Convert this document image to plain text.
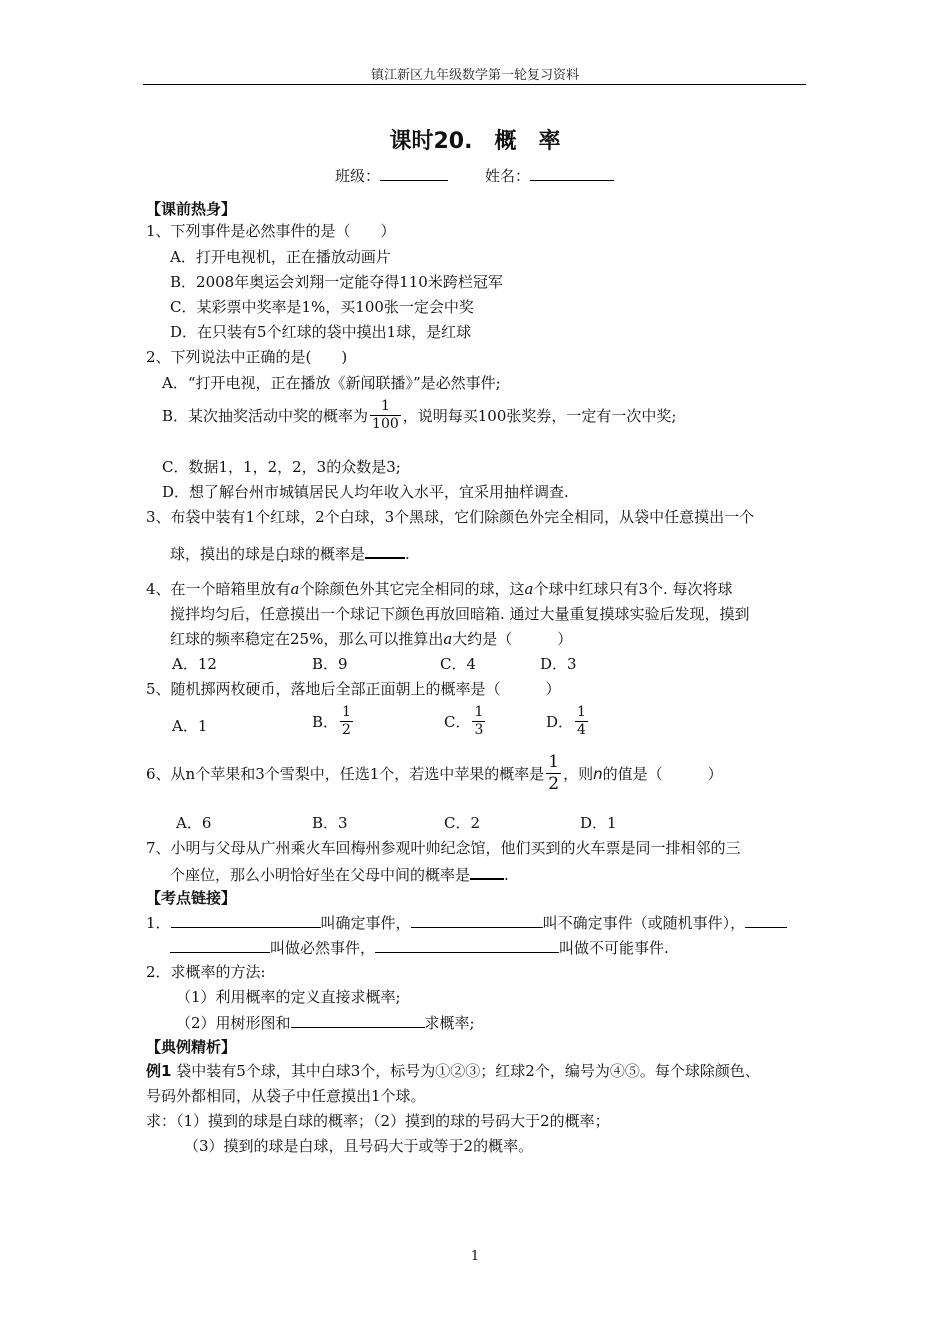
镇江新区九年级数学第一轮复习资料
课时20.　概　率
班级：	姓名：
【课前热身】
1、下列事件是必然事件的是（　　）
A．打开电视机，正在播放动画片
B．2008年奥运会刘翔一定能夺得110米跨栏冠军
C．某彩票中奖率是1%，买100张一定会中奖
D．在只装有5个红球的袋中摸出1球，是红球
2、下列说法中正确的是(　　)
A．“打开电视，正在播放《新闻联播》”是必然事件;
B．某次抽奖活动中奖的概率为 $\frac{1}{100}$ ，说明每买100张奖券，一定有一次中奖;
C．数据1，1，2，2，3的众数是3;
D．想了解台州市城镇居民人均年收入水平，宜采用抽样调查.
3、布袋中装有1个红球，2个白球，3个黑球，它们除颜色外完全相同，从袋中任意摸出一个
球，摸出的球是白球的概率是	.
4、在一个暗箱里放有a个除颜色外其它完全相同的球，这a个球中红球只有3个. 每次将球
搅拌均匀后，任意摸出一个球记下颜色再放回暗箱. 通过大量重复摸球实验后发现，摸到
红球的频率稳定在25%，那么可以推算出a大约是（　　　）
A．12	B．9	C．4	D．3
5、随机掷两枚硬币，落地后全部正面朝上的概率是（　　　）
A．1	B． $\frac{1}{2}$	C． $\frac{1}{3}$	D． $\frac{1}{4}$
6、从n个苹果和3个雪梨中，任选1个，若选中苹果的概率是 $\frac{1}{2}$ ，则 n 的值是（　　　）
A．6	B．3	C．2	D．1
7、小明与父母从广州乘火车回梅州参观叶帅纪念馆，他们买到的火车票是同一排相邻的三
个座位，那么小明恰好坐在父母中间的概率是 .
【考点链接】
1．	叫确定事件，	叫不确定事件（或随机事件），
叫做必然事件，	叫做不可能事件.
2．求概率的方法:
（1）利用概率的定义直接求概率;
（2）用树形图和	求概率;
【典例精析】
例1 袋中装有5个球，其中白球3个，标号为①②③；红球2个，编号为④⑤。每个球除颜色、
号码外都相同，从袋子中任意摸出1个球。
求：（1）摸到的球是白球的概率；（2）摸到的球的号码大于2的概率；
（3）摸到的球是白球，且号码大于或等于2的概率。
1
